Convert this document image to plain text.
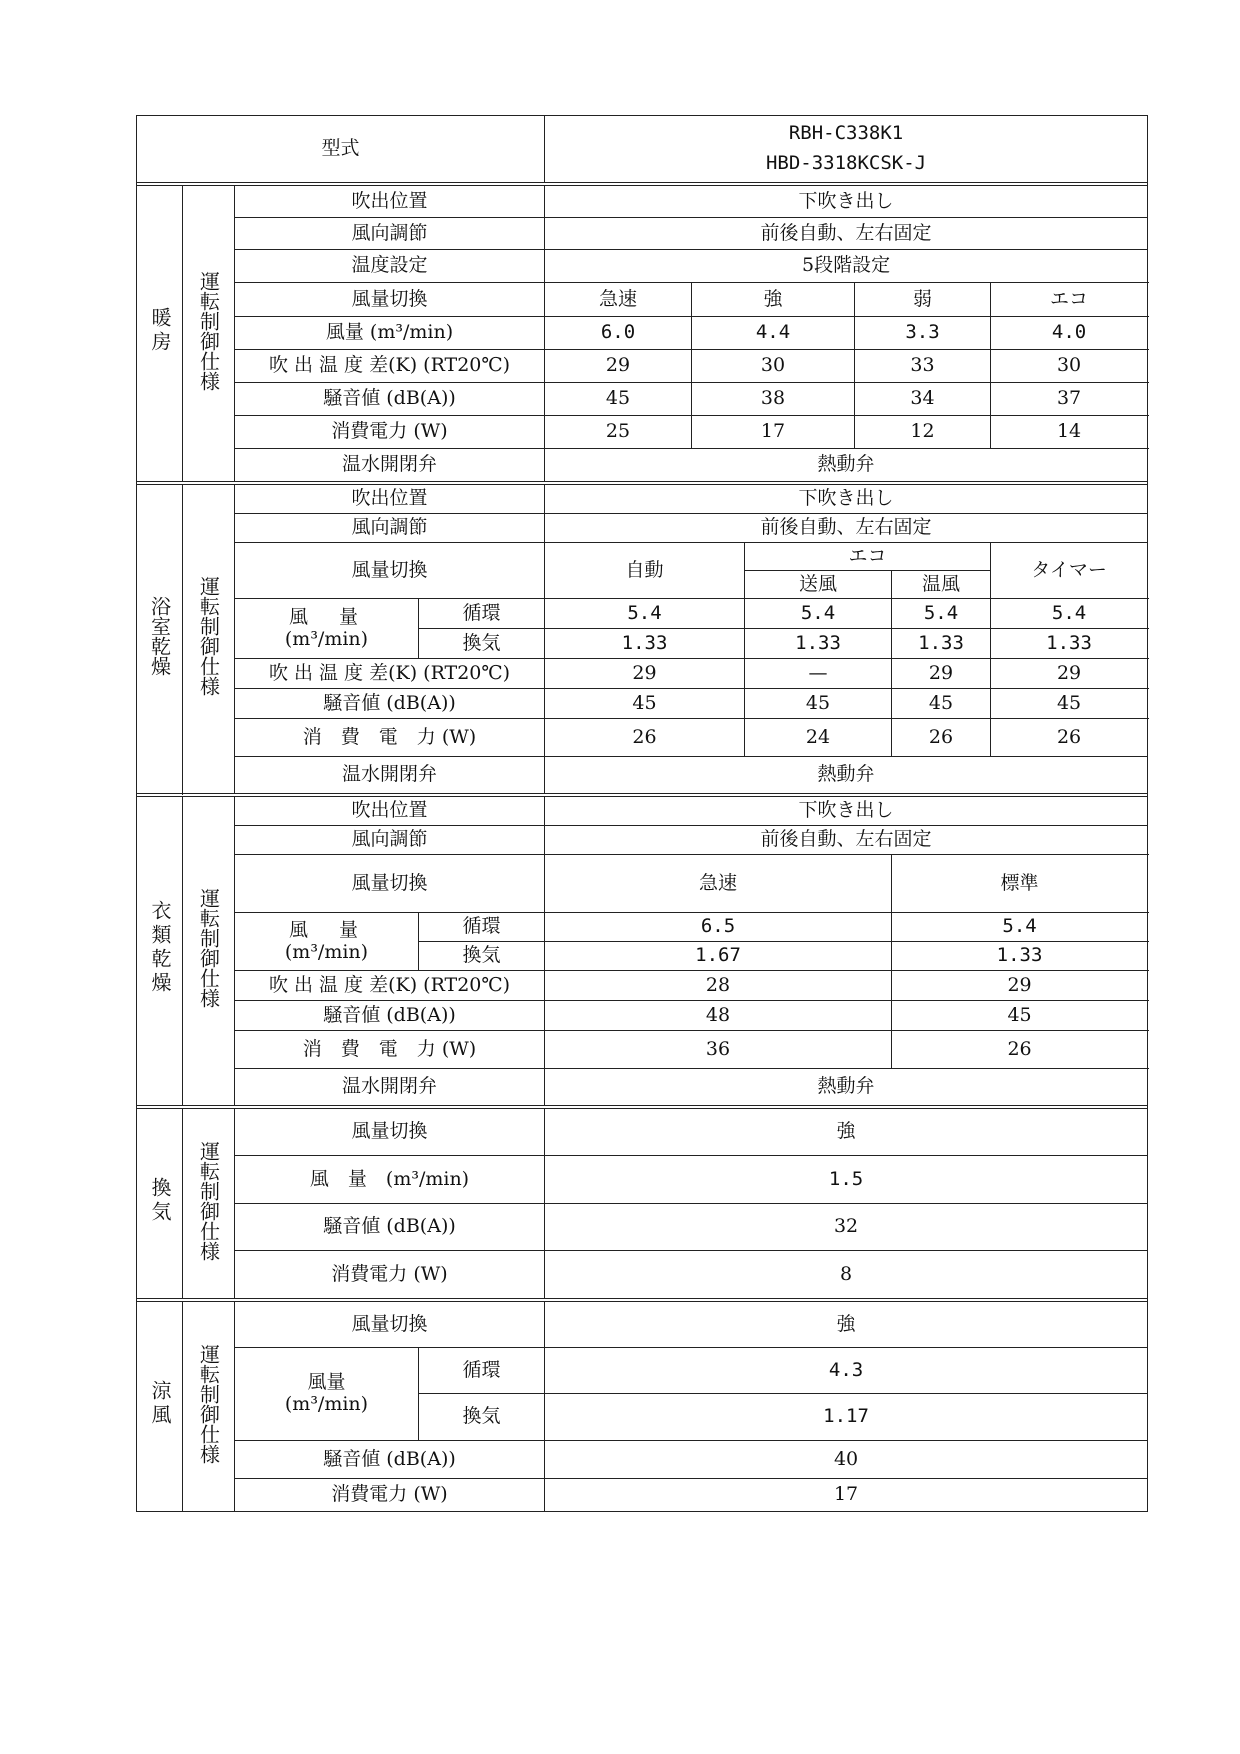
型式				RBH-C338K1
HBD-3318KCSK-J					

暖房	運転制御仕様	吹出位置		下吹き出し					
		風向調節		前後自動、左右固定					
		温度設定		5段階設定					
		風量切換		急速	強		弱		エコ
		風量 (m³/min)		6.0	4.4		3.3		4.0
		吹 出 温 度 差(K) (RT20℃)		29	30		33		30
		騒音値 (dB(A))		45	38		34		37
		消費電力 (W)		25	17		12		14
		温水開閉弁		熱動弁					

浴室乾燥	運転制御仕様	吹出位置		下吹き出し					
		風向調節		前後自動、左右固定					
		風量切換		自動		エコ			タイマー
						送風		温風	

		風　量
(m³/min)	循環	5.4		5.4		5.4	5.4
			換気	1.33		1.33		1.33	1.33
		吹 出 温 度 差(K) (RT20℃)		29		—		29	29
		騒音値 (dB(A))		45		45		45	45
		消　費　電　力 (W)		26		24		26	26
		温水開閉弁		熱動弁					

衣類乾燥	運転制御仕様	吹出位置		下吹き出し					
		風向調節		前後自動、左右固定					
		風量切換		急速				標準	

		風　量
(m³/min)	循環	6.5				5.4	
			換気	1.67				1.33	
		吹 出 温 度 差(K) (RT20℃)		28				29	
		騒音値 (dB(A))		48				45	
		消　費　電　力 (W)		36				26	
		温水開閉弁		熱動弁					

換気	運転制御仕様	風量切換		強					
		風　量　(m³/min)		1.5					
		騒音値 (dB(A))		32					
		消費電力 (W)		8					

涼風	運転制御仕様	風量切換		強					

		風量
(m³/min)	循環	4.3					
			換気	1.17					
		騒音値 (dB(A))		40					
		消費電力 (W)		17					
